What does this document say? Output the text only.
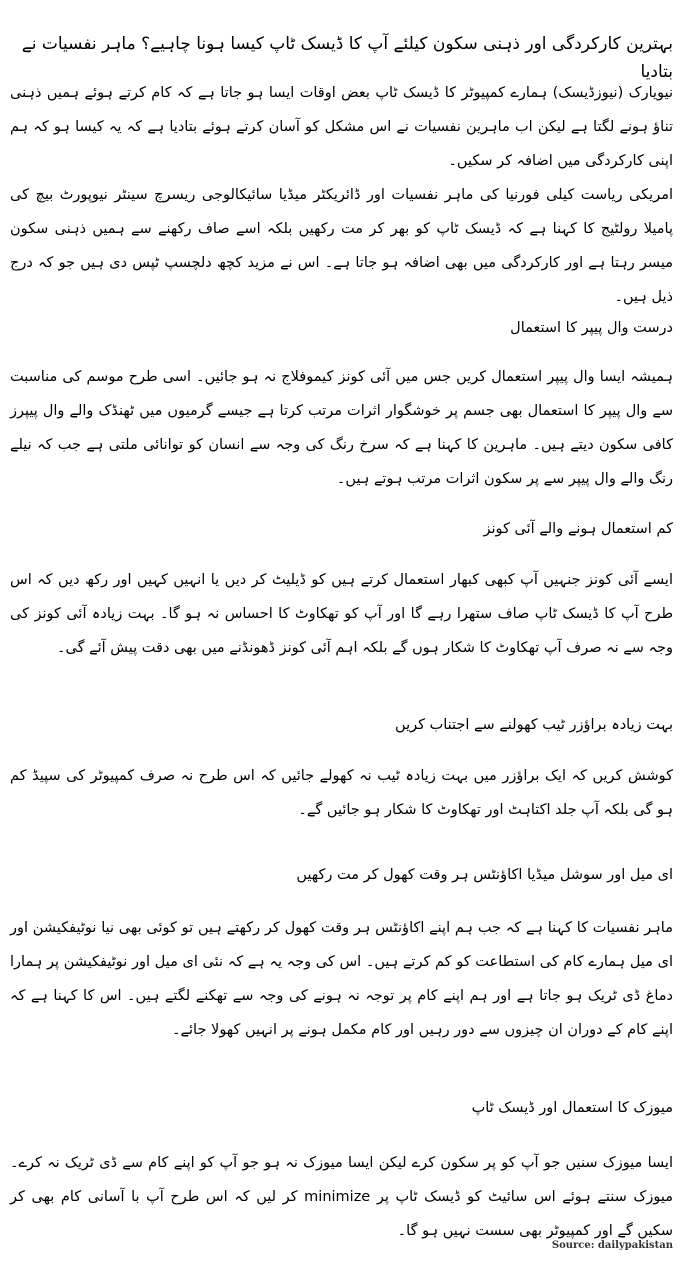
بہترین کارکردگی اور ذہنی سکون کیلئے آپ کا ڈیسک ٹاپ کیسا ہونا چاہیے؟ ماہر نفسیات نے بتادیا

نیویارک (نیوزڈیسک) ہمارے کمپیوٹر کا ڈیسک ٹاپ بعض اوقات ایسا ہو جاتا ہے کہ کام کرتے ہوئے ہمیں ذہنی تناؤ ہونے لگتا ہے لیکن اب ماہرین نفسیات نے اس مشکل کو آسان کرتے ہوئے بتادیا ہے کہ یہ کیسا ہو کہ ہم اپنی کارکردگی میں اضافہ کر سکیں۔

امریکی ریاست کیلی فورنیا کی ماہر نفسیات اور ڈائریکٹر میڈیا سائیکالوجی ریسرچ سینٹر نیوپورٹ بیچ کی پامیلا رولٹیج کا کہنا ہے کہ ڈیسک ٹاپ کو بھر کر مت رکھیں بلکہ اسے صاف رکھنے سے ہمیں ذہنی سکون میسر رہتا ہے اور کارکردگی میں بھی اضافہ ہو جاتا ہے۔ اس نے مزید کچھ دلچسپ ٹپس دی ہیں جو کہ درج ذیل ہیں۔

درست وال پیپر کا استعمال

ہمیشہ ایسا وال پیپر استعمال کریں جس میں آئی کونز کیموفلاج نہ ہو جائیں۔ اسی طرح موسم کی مناسبت سے وال پیپر کا استعمال بھی جسم پر خوشگوار اثرات مرتب کرتا ہے جیسے گرمیوں میں ٹھنڈک والے وال پیپرز کافی سکون دیتے ہیں۔ ماہرین کا کہنا ہے کہ سرخ رنگ کی وجہ سے انسان کو توانائی ملتی ہے جب کہ نیلے رنگ والے وال پیپر سے پر سکون اثرات مرتب ہوتے ہیں۔

کم استعمال ہونے والے آئی کونز

ایسے آئی کونز جنہیں آپ کبھی کبھار استعمال کرتے ہیں کو ڈیلیٹ کر دیں یا انہیں کہیں اور رکھ دیں کہ اس طرح آپ کا ڈیسک ٹاپ صاف ستھرا رہے گا اور آپ کو تھکاوٹ کا احساس نہ ہو گا۔ بہت زیادہ آئی کونز کی وجہ سے نہ صرف آپ تھکاوٹ کا شکار ہوں گے بلکہ اہم آئی کونز ڈھونڈنے میں بھی دقت پیش آئے گی۔

بہت زیادہ براؤزر ٹیب کھولنے سے اجتناب کریں

کوشش کریں کہ ایک براؤزر میں بہت زیادہ ٹیب نہ کھولے جائیں کہ اس طرح نہ صرف کمپیوٹر کی سپیڈ کم ہو گی بلکہ آپ جلد اکتاہٹ اور تھکاوٹ کا شکار ہو جائیں گے۔

ای میل اور سوشل میڈیا اکاؤنٹس ہر وقت کھول کر مت رکھیں

ماہر نفسیات کا کہنا ہے کہ جب ہم اپنے اکاؤنٹس ہر وقت کھول کر رکھتے ہیں تو کوئی بھی نیا نوٹیفکیشن اور ای میل ہمارے کام کی استطاعت کو کم کرتے ہیں۔ اس کی وجہ یہ ہے کہ نئی ای میل اور نوٹیفکیشن پر ہمارا دماغ ڈی ٹریک ہو جاتا ہے اور ہم اپنے کام پر توجہ نہ ہونے کی وجہ سے تھکنے لگتے ہیں۔ اس کا کہنا ہے کہ اپنے کام کے دوران ان چیزوں سے دور رہیں اور کام مکمل ہونے پر انہیں کھولا جائے۔

میوزک کا استعمال اور ڈیسک ٹاپ

ایسا میوزک سنیں جو آپ کو پر سکون کرے لیکن ایسا میوزک نہ ہو جو آپ کو اپنے کام سے ڈی ٹریک نہ کرے۔ میوزک سنتے ہوئے اس سائیٹ کو ڈیسک ٹاپ پر minimize کر لیں کہ اس طرح آپ با آسانی کام بھی کر سکیں گے اور کمپیوٹر بھی سست نہیں ہو گا۔

Source: dailypakistan
